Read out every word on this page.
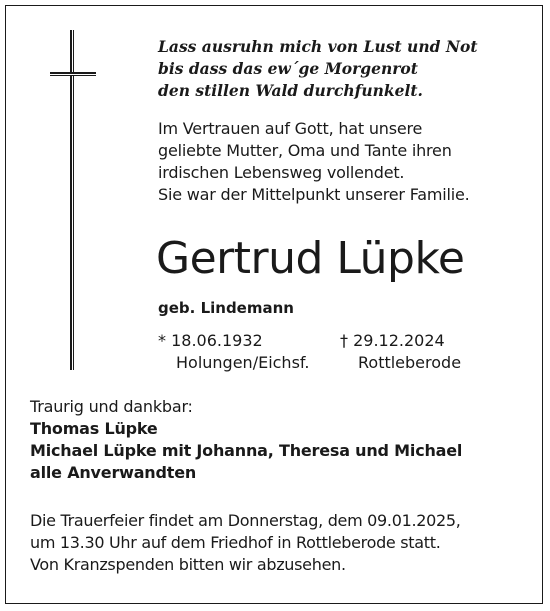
Lass ausruhn mich von Lust und Not
bis dass das ew´ge Morgenrot
den stillen Wald durchfunkelt.
Im Vertrauen auf Gott, hat unsere
geliebte Mutter, Oma und Tante ihren
irdischen Lebensweg vollendet.
Sie war der Mittelpunkt unserer Familie.
Gertrud Lüpke
geb. Lindemann
* 18.06.1932
Holungen/Eichsf.
† 29.12.2024
Rottleberode
Traurig und dankbar:
Thomas Lüpke
Michael Lüpke mit Johanna, Theresa und Michael
alle Anverwandten
Die Trauerfeier findet am Donnerstag, dem 09.01.2025,
um 13.30 Uhr auf dem Friedhof in Rottleberode statt.
Von Kranzspenden bitten wir abzusehen.
